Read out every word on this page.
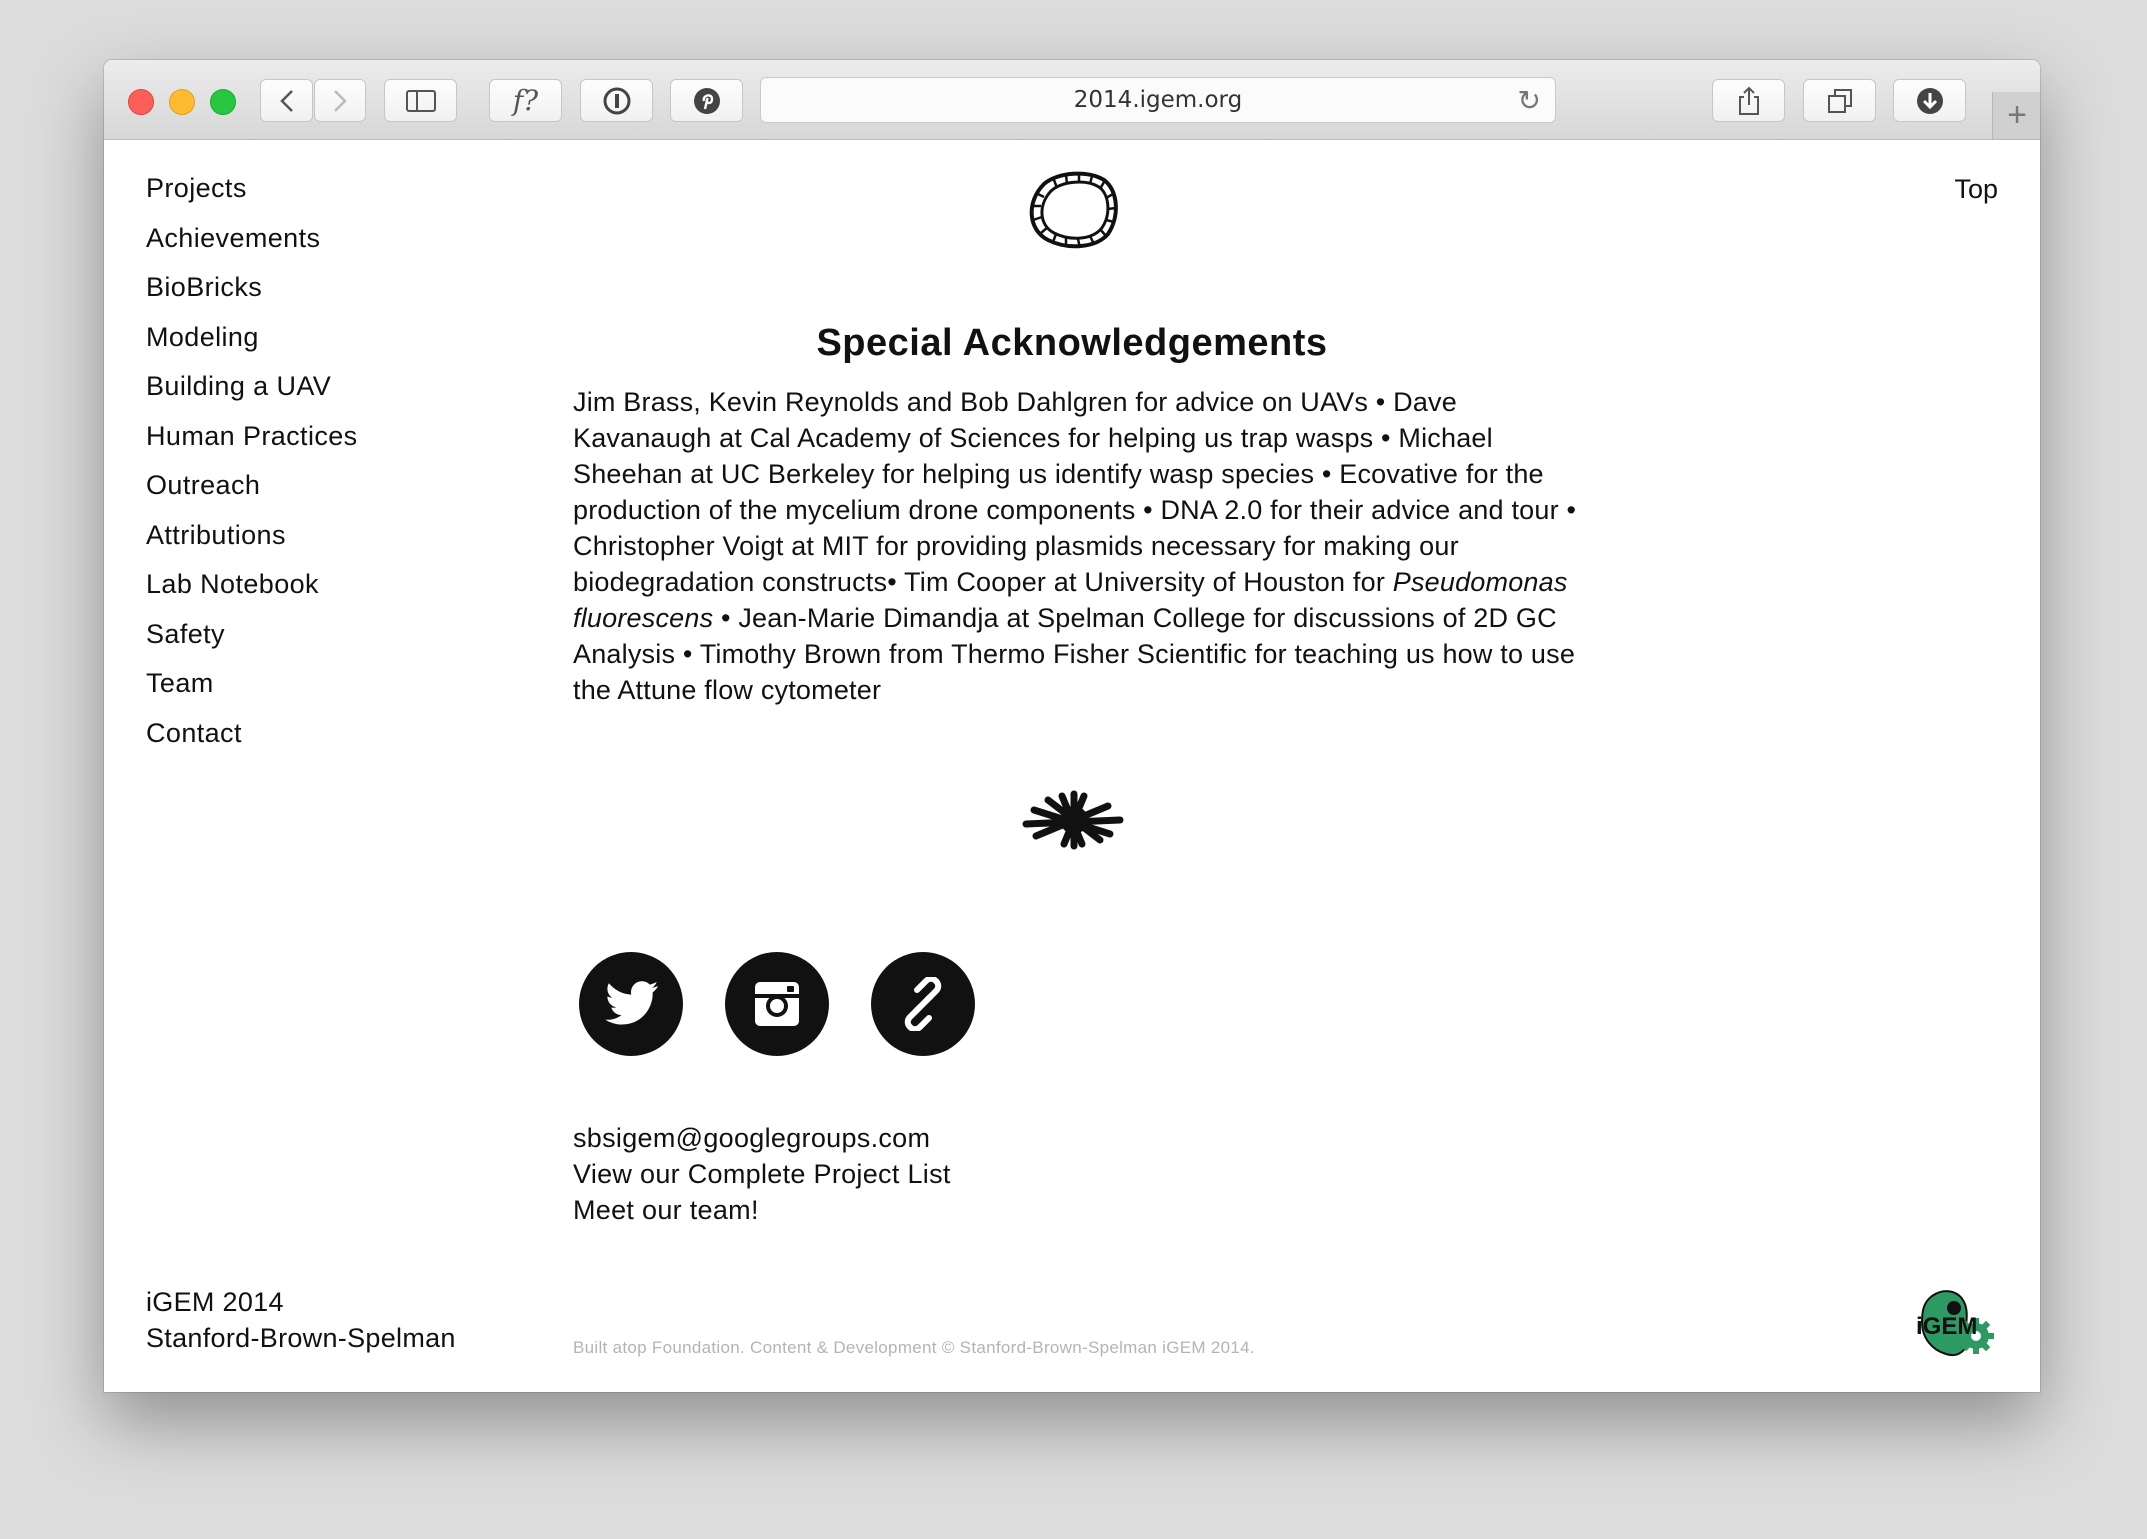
f?	2014.igem.org	↻	+
Projects
Achievements
BioBricks
Modeling
Building a UAV
Human Practices
Outreach
Attributions
Lab Notebook
Safety
Team
Contact
Top
Special Acknowledgements

Jim Brass, Kevin Reynolds and Bob Dahlgren for advice on UAVs • Dave Kavanaugh at Cal Academy of Sciences for helping us trap wasps • Michael Sheehan at UC Berkeley for helping us identify wasp species • Ecovative for the production of the mycelium drone components • DNA 2.0 for their advice and tour • Christopher Voigt at MIT for providing plasmids necessary for making our biodegradation constructs• Tim Cooper at University of Houston for Pseudomonas fluorescens • Jean-Marie Dimandja at Spelman College for discussions of 2D GC Analysis • Timothy Brown from Thermo Fisher Scientific for teaching us how to use the Attune flow cytometer

sbsigem@googlegroups.com
View our Complete Project List
Meet our team!
iGEM 2014
Stanford-Brown-Spelman	Built atop Foundation. Content & Development © Stanford-Brown-Spelman iGEM 2014.
iGEM
